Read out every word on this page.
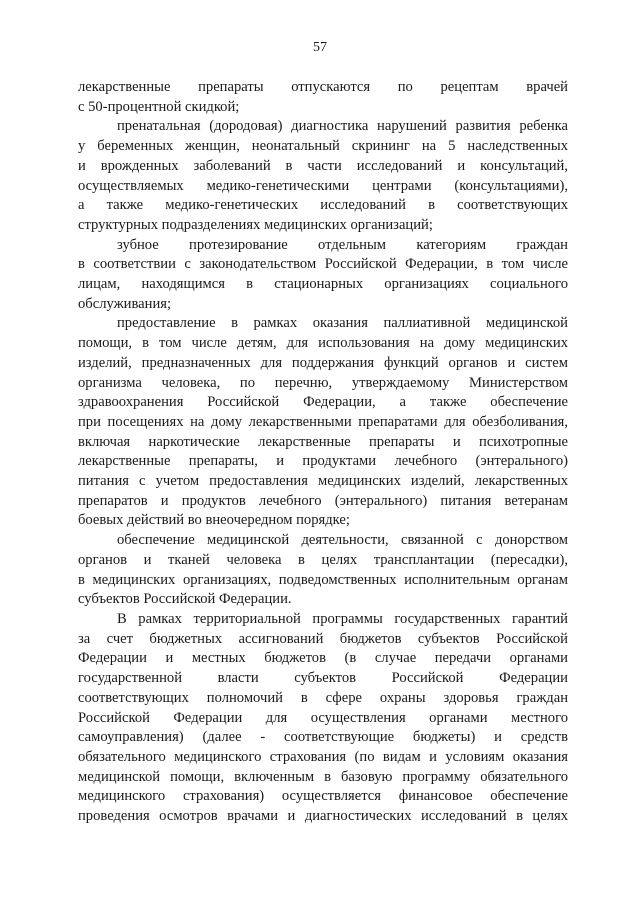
57
лекарственные препараты отпускаются по рецептам врачей
с 50-процентной скидкой;
пренатальная (дородовая) диагностика нарушений развития ребенка
у беременных женщин, неонатальный скрининг на 5 наследственных
и врожденных заболеваний в части исследований и консультаций,
осуществляемых медико-генетическими центрами (консультациями),
а также медико-генетических исследований в соответствующих
структурных подразделениях медицинских организаций;
зубное протезирование отдельным категориям граждан
в соответствии с законодательством Российской Федерации, в том числе
лицам, находящимся в стационарных организациях социального
обслуживания;
предоставление в рамках оказания паллиативной медицинской
помощи, в том числе детям, для использования на дому медицинских
изделий, предназначенных для поддержания функций органов и систем
организма человека, по перечню, утверждаемому Министерством
здравоохранения Российской Федерации, а также обеспечение
при посещениях на дому лекарственными препаратами для обезболивания,
включая наркотические лекарственные препараты и психотропные
лекарственные препараты, и продуктами лечебного (энтерального)
питания с учетом предоставления медицинских изделий, лекарственных
препаратов и продуктов лечебного (энтерального) питания ветеранам
боевых действий во внеочередном порядке;
обеспечение медицинской деятельности, связанной с донорством
органов и тканей человека в целях трансплантации (пересадки),
в медицинских организациях, подведомственных исполнительным органам
субъектов Российской Федерации.
В рамках территориальной программы государственных гарантий
за счет бюджетных ассигнований бюджетов субъектов Российской
Федерации и местных бюджетов (в случае передачи органами
государственной власти субъектов Российской Федерации
соответствующих полномочий в сфере охраны здоровья граждан
Российской Федерации для осуществления органами местного
самоуправления) (далее - соответствующие бюджеты) и средств
обязательного медицинского страхования (по видам и условиям оказания
медицинской помощи, включенным в базовую программу обязательного
медицинского страхования) осуществляется финансовое обеспечение
проведения осмотров врачами и диагностических исследований в целях
